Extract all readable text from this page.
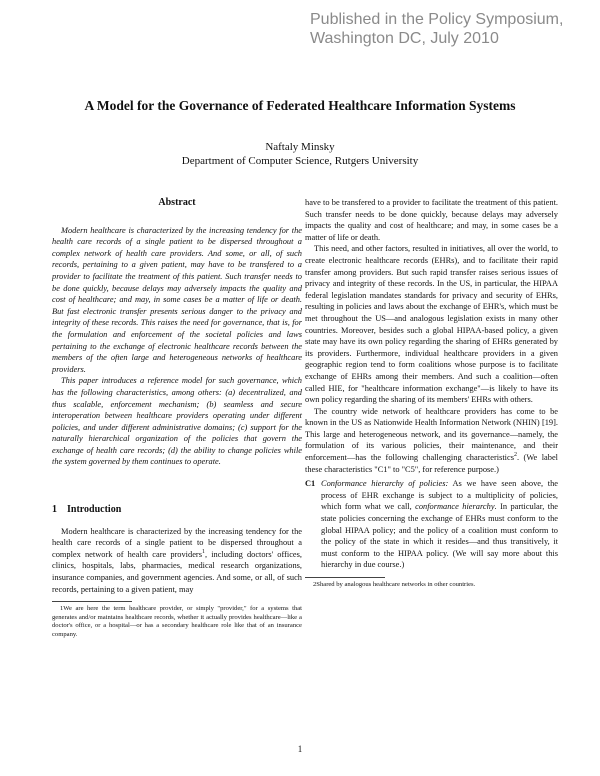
Published in the Policy Symposium,
Washington DC, July 2010
A Model for the Governance of Federated Healthcare Information Systems
Naftaly Minsky
Department of Computer Science, Rutgers University
Abstract

Modern healthcare is characterized by the increasing tendency for the health care records of a single patient to be dispersed throughout a complex network of health care providers. And some, or all, of such records, pertaining to a given patient, may have to be transfered to a provider to facilitate the treatment of this patient. Such transfer needs to be done quickly, because delays may adversely impacts the quality and cost of healthcare; and may, in some cases be a matter of life or death. But fast electronic transfer presents serious danger to the privacy and integrity of these records. This raises the need for governance, that is, for the formulation and enforcement of the societal policies and laws pertaining to the exchange of electronic healthcare records between the members of the often large and heterogeneous networks of healthcare providers.

This paper introduces a reference model for such governance, which has the following characteristics, among others: (a) decentralized, and thus scalable, enforcement mechanism; (b) seamless and secure interoperation between healthcare providers operating under different policies, and under different administrative domains; (c) support for the naturally hierarchical organization of the policies that govern the exchange of health care records; (d) the ability to change policies while the system governed by them continues to operate.

1 Introduction

Modern healthcare is characterized by the increasing tendency for the health care records of a single patient to be dispersed throughout a complex network of health care providers$^1$, including doctors' offices, clinics, hospitals, labs, pharmacies, medical research organizations, insurance companies, and government agencies. And some, or all, of such records, pertaining to a given patient, may

1We are here the term healthcare provider, or simply "provider," for a systems that generates and/or maintains healthcare records, whether it actually provides healthcare—like a doctor's office, or a hospital—or has a secondary healthcare role like that of an insurance company.

have to be transfered to a provider to facilitate the treatment of this patient. Such transfer needs to be done quickly, because delays may adversely impacts the quality and cost of healthcare; and may, in some cases be a matter of life or death.

This need, and other factors, resulted in initiatives, all over the world, to create electronic healthcare records (EHRs), and to facilitate their rapid transfer among providers. But such rapid transfer raises serious issues of privacy and integrity of these records. In the US, in particular, the HIPAA federal legislation mandates standards for privacy and security of EHRs, resulting in policies and laws about the exchange of EHR's, which must be met throughout the US—and analogous legislation exists in many other countries. Moreover, besides such a global HIPAA-based policy, a given state may have its own policy regarding the sharing of EHRs generated by its providers. Furthermore, individual healthcare providers in a given geographic region tend to form coalitions whose purpose is to facilitate exchange of EHRs among their members. And such a coalition—often called HIE, for "healthcare information exchange"—is likely to have its own policy regarding the sharing of its members' EHRs with others.

The country wide network of healthcare providers has come to be known in the US as Nationwide Health Information Network (NHIN) [19]. This large and heterogeneous network, and its governance—namely, the formulation of its various policies, their maintenance, and their enforcement—has the following challenging characteristics$^2$. (We label these characteristics "C1" to "C5", for reference purpose.)

C1 Conformance hierarchy of policies: As we have seen above, the process of EHR exchange is subject to a multiplicity of policies, which form what we call, conformance hierarchy. In particular, the state policies concerning the exchange of EHRs must conform to the global HIPAA policy; and the policy of a coalition must conform to the policy of the state in which it resides—and thus transitively, it must conform to the HIPAA policy. (We will say more about this hierarchy in due course.)
2Shared by analogous healthcare networks in other countries.
1
